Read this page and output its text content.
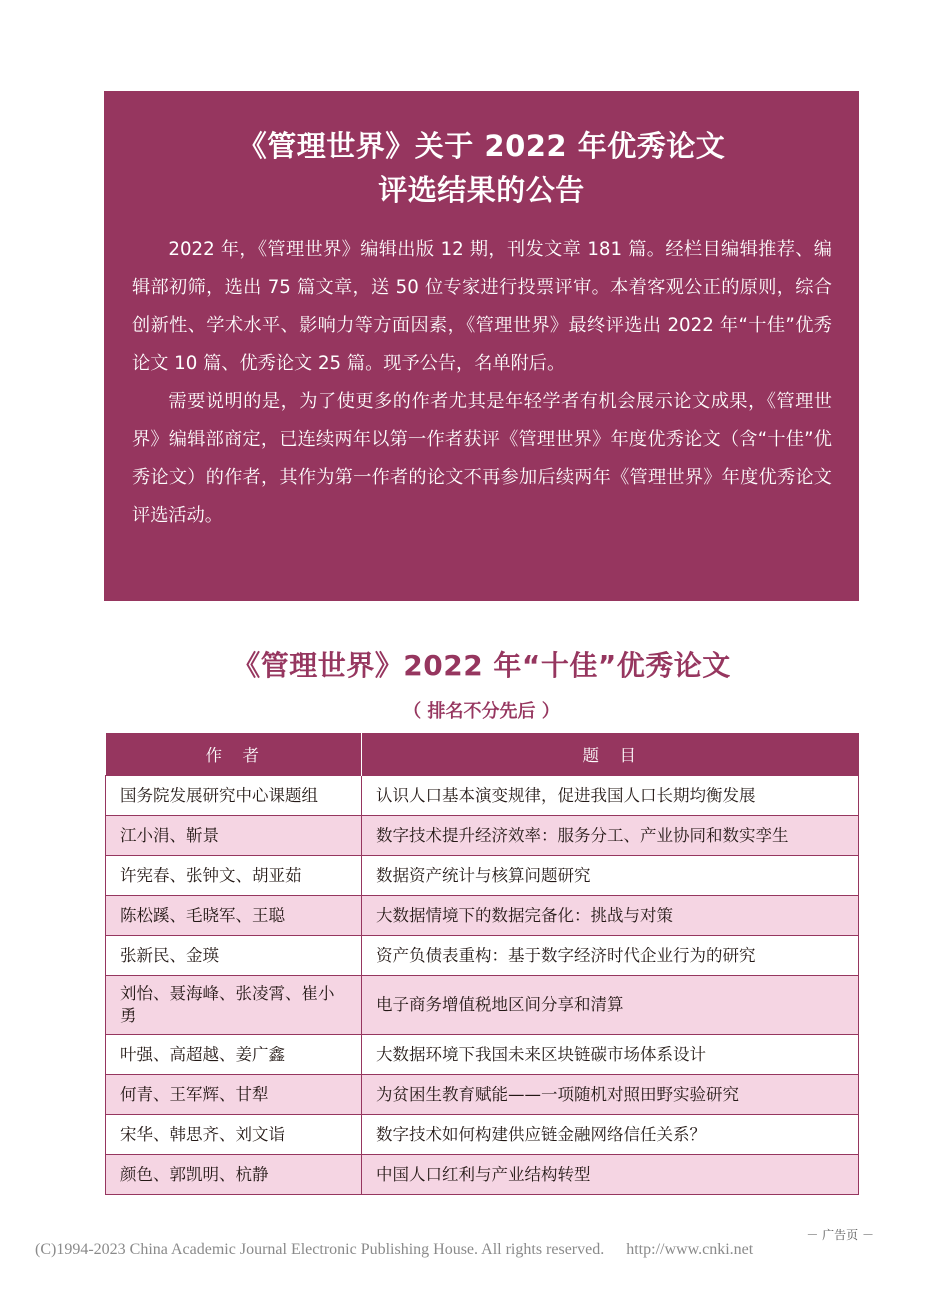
《管理世界》关于 2022 年优秀论文
评选结果的公告

2022 年，《管理世界》编辑出版 12 期，刊发文章 181 篇。经栏目编辑推荐、编辑部初筛，选出 75 篇文章，送 50 位专家进行投票评审。本着客观公正的原则，综合创新性、学术水平、影响力等方面因素，《管理世界》最终评选出 2022 年“十佳”优秀论文 10 篇、优秀论文 25 篇。现予公告，名单附后。

需要说明的是，为了使更多的作者尤其是年轻学者有机会展示论文成果，《管理世界》编辑部商定，已连续两年以第一作者获评《管理世界》年度优秀论文（含“十佳”优秀论文）的作者，其作为第一作者的论文不再参加后续两年《管理世界》年度优秀论文评选活动。

《管理世界》2022 年“十佳”优秀论文
（ 排名不分先后 ）
作　者	题　目
国务院发展研究中心课题组	认识人口基本演变规律，促进我国人口长期均衡发展
江小涓、靳景	数字技术提升经济效率：服务分工、产业协同和数实孪生
许宪春、张钟文、胡亚茹	数据资产统计与核算问题研究
陈松蹊、毛晓军、王聪	大数据情境下的数据完备化：挑战与对策
张新民、金瑛	资产负债表重构：基于数字经济时代企业行为的研究
刘怡、聂海峰、张凌霄、崔小勇	电子商务增值税地区间分享和清算
叶强、高超越、姜广鑫	大数据环境下我国未来区块链碳市场体系设计
何青、王军辉、甘犁	为贫困生教育赋能——一项随机对照田野实验研究
宋华、韩思齐、刘文诣	数字技术如何构建供应链金融网络信任关系？
颜色、郭凯明、杭静	中国人口红利与产业结构转型
－ 广告页 －
(C)1994-2023 China Academic Journal Electronic Publishing House. All rights reserved. http://www.cnki.net
